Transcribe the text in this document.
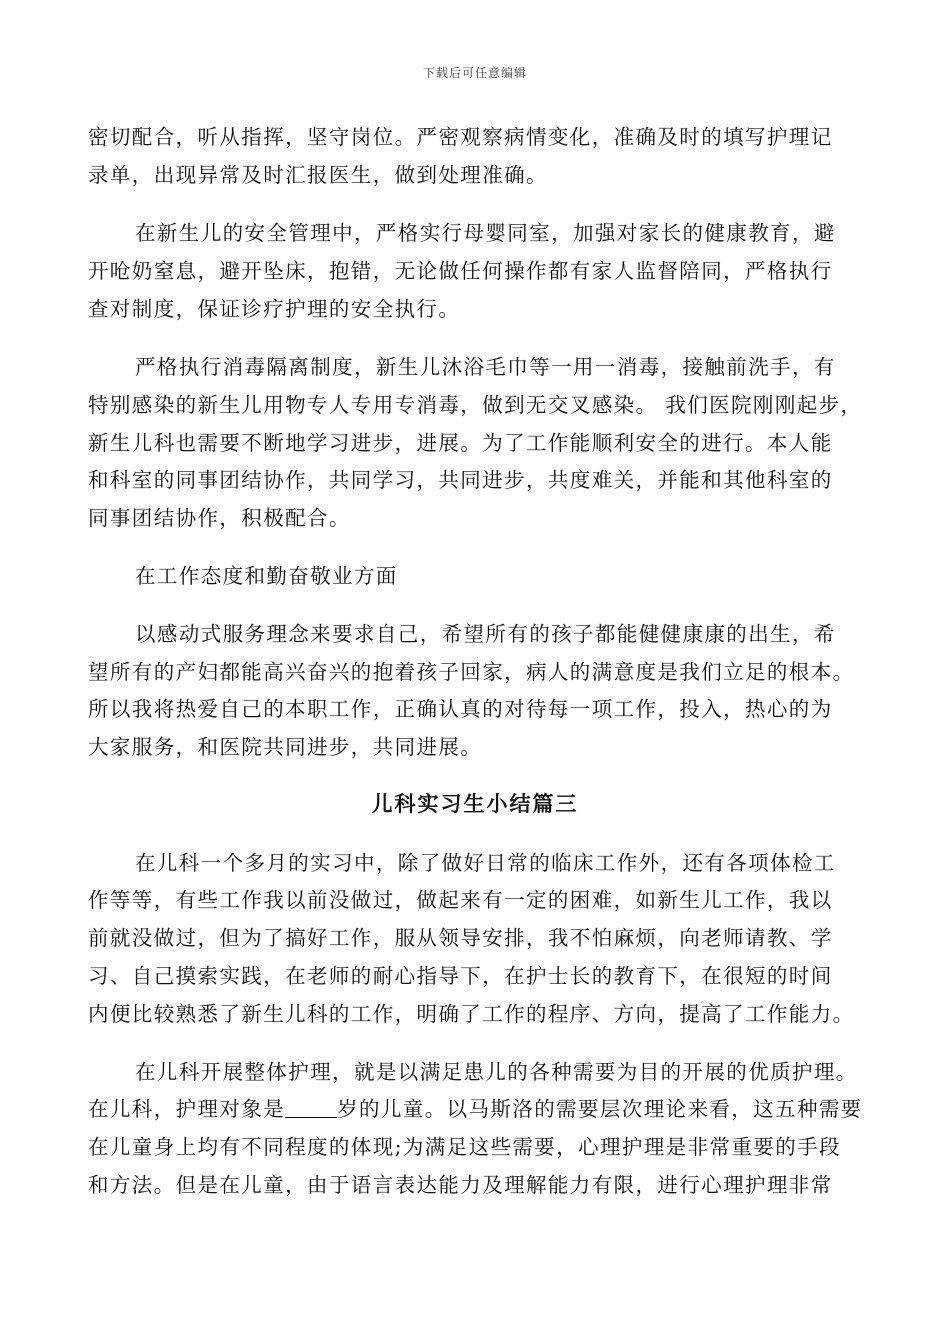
下载后可任意编辑
密切配合，听从指挥，坚守岗位。严密观察病情变化，准确及时的填写护理记
录单，出现异常及时汇报医生，做到处理准确。
在新生儿的安全管理中，严格实行母婴同室，加强对家长的健康教育，避
开呛奶窒息，避开坠床，抱错，无论做任何操作都有家人监督陪同，严格执行
查对制度，保证诊疗护理的安全执行。
严格执行消毒隔离制度，新生儿沐浴毛巾等一用一消毒，接触前洗手，有
特别感染的新生儿用物专人专用专消毒，做到无交叉感染。 我们医院刚刚起步，
新生儿科也需要不断地学习进步，进展。为了工作能顺利安全的进行。本人能
和科室的同事团结协作，共同学习，共同进步，共度难关，并能和其他科室的
同事团结协作，积极配合。
在工作态度和勤奋敬业方面
以感动式服务理念来要求自己，希望所有的孩子都能健健康康的出生，希
望所有的产妇都能高兴奋兴的抱着孩子回家，病人的满意度是我们立足的根本。
所以我将热爱自己的本职工作，正确认真的对待每一项工作，投入，热心的为
大家服务，和医院共同进步，共同进展。
儿科实习生小结篇三
在儿科一个多月的实习中，除了做好日常的临床工作外，还有各项体检工
作等等，有些工作我以前没做过，做起来有一定的困难，如新生儿工作，我以
前就没做过，但为了搞好工作，服从领导安排，我不怕麻烦，向老师请教、学
习、自己摸索实践，在老师的耐心指导下，在护士长的教育下，在很短的时间
内便比较熟悉了新生儿科的工作，明确了工作的程序、方向，提高了工作能力。
在儿科开展整体护理，就是以满足患儿的各种需要为目的开展的优质护理。
在儿科，护理对象是	岁的儿童。以马斯洛的需要层次理论来看，这五种需要
在儿童身上均有不同程度的体现;为满足这些需要，心理护理是非常重要的手段
和方法。但是在儿童，由于语言表达能力及理解能力有限，进行心理护理非常
